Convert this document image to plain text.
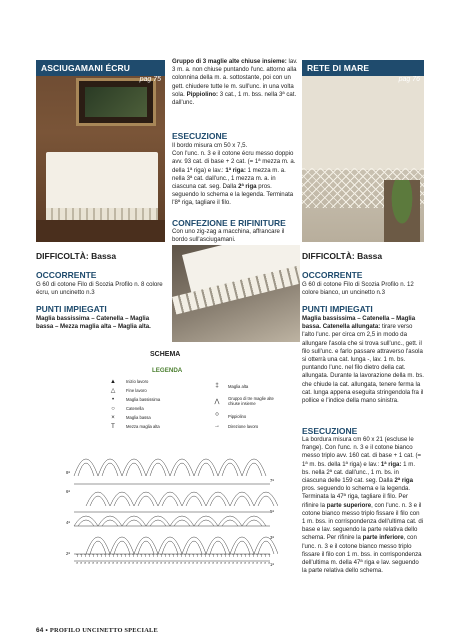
ASCIUGAMANI ÉCRU
pag 75
RETE DI MARE
pag 76
DIFFICOLTÀ: Bassa
OCCORRENTE
G 60 di cotone Filo di Scozia Profilo n. 8 colore écru, un uncinetto n.3
PUNTI IMPIEGATI
Maglia bassissima – Catenella – Maglia bassa – Mezza maglia alta – Maglia alta.
Gruppo di 3 maglie alte chiuse insieme: lav. 3 m. a. non chiuse puntando l'unc. attorno alla colonnina della m. a. sottostante, poi con un gett. chiudere tutte le m. sull'unc. in una volta sola. Pippiolino: 3 cat., 1 m. bss. nella 3ª cat. dall'unc.
ESECUZIONE
Il bordo misura cm 50 x 7,5.
Con l'unc. n. 3 e il cotone écru messo doppio avv. 93 cat. di base + 2 cat. (= 1ª mezza m. a. della 1ª riga) e lav.: 1ª riga: 1 mezza m. a. nella 3ª cat. dall'unc., 1 mezza m. a. in ciascuna cat. seg. Dalla 2ª riga pros. seguendo lo schema e la legenda. Terminata l'8ª riga, tagliare il filo.
CONFEZIONE E RIFINITURE
Con uno zig-zag a macchina, affrancare il bordo sull'asciugamani.
DIFFICOLTÀ: Bassa
OCCORRENTE
G 60 di cotone Filo di Scozia Profilo n. 12 colore bianco, un uncinetto n.3
PUNTI IMPIEGATI
Maglia bassissima – Catenella – Maglia bassa. Catenella allungata: tirare verso l'alto l'unc. per circa cm 2,5 in modo da allungare l'asola che si trova sull'unc., gett. il filo sull'unc. e farlo passare attraverso l'asola si otterrà una cat. lunga -, lav. 1 m. bs. puntando l'unc. nel filo dietro della cat. allungata. Durante la lavorazione della m. bs. che chiude la cat. allungata, tenere ferma la cat. lunga appena eseguita stringendola fra il pollice e l'indice della mano sinistra.
ESECUZIONE
La bordura misura cm 60 x 21 (escluse le frange). Con l'unc. n. 3 e il cotone bianco messo triplo avv. 160 cat. di base + 1 cat. (= 1ª m. bs. della 1ª riga) e lav.: 1ª riga: 1 m. bs. nella 2ª cat. dall'unc., 1 m. bs. in ciascuna delle 159 cat. seg. Dalla 2ª riga pros. seguendo lo schema e la legenda. Terminata la 47ª riga, tagliare il filo. Per rifinire la parte superiore, con l'unc. n. 3 e il cotone bianco messo triplo fissare il filo con 1 m. bss. in corrispondenza dell'ultima cat. di base e lav. seguendo la parte relativa dello schema. Per rifinire la parte inferiore, con l'unc. n. 3 e il cotone bianco messo triplo fissare il filo con 1 m. bss. in corrispondenza dell'ultima m. della 47ª riga e lav. seguendo la parte relativa dello schema.
SCHEMA
LEGENDA
▲	Inizio lavoro
△	Fine lavoro
•	Maglia bassissima
○	Catenella
×	Maglia bassa
T	Mezza maglia alta
‡	Maglia alta
⋀	Gruppo di tre maglie alte chiuse insieme
ᴼ	Pippiolino
→	Direzione lavoro
×
T
×
T
×
T
×
T
×
T
×
T
×
T
×
T
×
T
×
T
×
T
×
T
×
T
×
T
×
T
×
T
×
T
×
T
×
T
×
T
×
T
×
T
×
T
×
T
×
T
×
T
×
T
×
T
×
T
×
T
×
T
×
T
×
T
×
T
×
T
×
T
×
T
×
T
×
T
×
T
×
T
×
T
×
T
×
T
×
T
×
T
×
T
×
T
×
T
8ª
6ª
4ª
2ª
7ª
5ª
3ª
1ª
64 • PROFILO UNCINETTO SPECIALE
